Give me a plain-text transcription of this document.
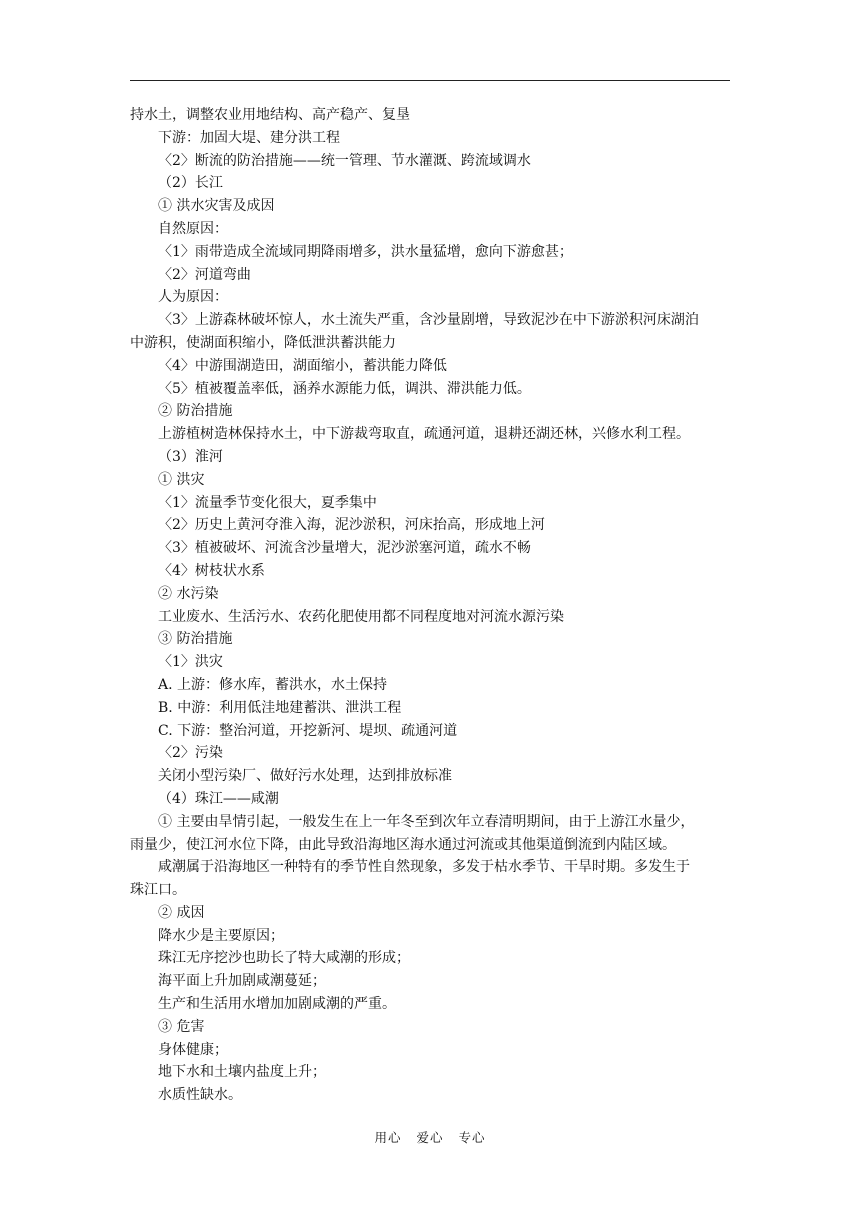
持水土，调整农业用地结构、高产稳产、复垦
下游：加固大堤、建分洪工程
〈2〉断流的防治措施——统一管理、节水灌溉、跨流域调水
（2）长江
① 洪水灾害及成因
自然原因：
〈1〉雨带造成全流域同期降雨增多，洪水量猛增，愈向下游愈甚；
〈2〉河道弯曲
人为原因：
〈3〉上游森林破坏惊人，水土流失严重，含沙量剧增，导致泥沙在中下游淤积河床湖泊
中游积，使湖面积缩小，降低泄洪蓄洪能力
〈4〉中游围湖造田，湖面缩小，蓄洪能力降低
〈5〉植被覆盖率低，涵养水源能力低，调洪、滞洪能力低。
② 防治措施
上游植树造林保持水土，中下游裁弯取直，疏通河道，退耕还湖还林，兴修水利工程。
（3）淮河
① 洪灾
〈1〉流量季节变化很大，夏季集中
〈2〉历史上黄河夺淮入海，泥沙淤积，河床抬高，形成地上河
〈3〉植被破坏、河流含沙量增大，泥沙淤塞河道，疏水不畅
〈4〉树枝状水系
② 水污染
工业废水、生活污水、农药化肥使用都不同程度地对河流水源污染
③ 防治措施
〈1〉洪灾
A. 上游：修水库，蓄洪水，水土保持
B. 中游：利用低洼地建蓄洪、泄洪工程
C. 下游：整治河道，开挖新河、堤坝、疏通河道
〈2〉污染
关闭小型污染厂、做好污水处理，达到排放标准
（4）珠江——咸潮
① 主要由旱情引起，一般发生在上一年冬至到次年立春清明期间，由于上游江水量少，
雨量少，使江河水位下降，由此导致沿海地区海水通过河流或其他渠道倒流到内陆区域。
咸潮属于沿海地区一种特有的季节性自然现象，多发于枯水季节、干旱时期。多发生于
珠江口。
② 成因
降水少是主要原因；
珠江无序挖沙也助长了特大咸潮的形成；
海平面上升加剧咸潮蔓延；
生产和生活用水增加加剧咸潮的严重。
③ 危害
身体健康；
地下水和土壤内盐度上升；
水质性缺水。
用心 爱心 专心
